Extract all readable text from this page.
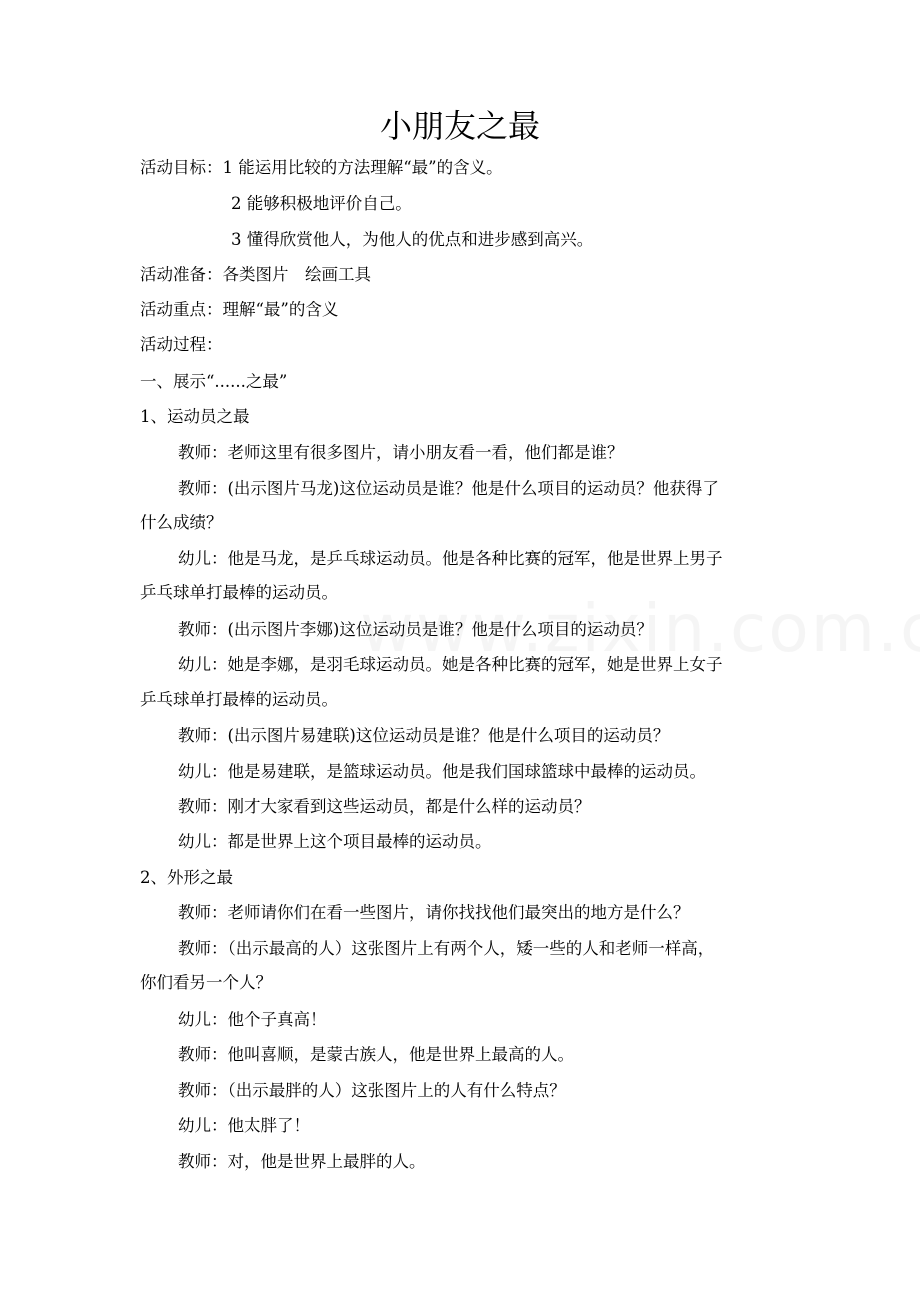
小朋友之最
活动目标：1 能运用比较的方法理解“最”的含义。
2 能够积极地评价自己。
3 懂得欣赏他人，为他人的优点和进步感到高兴。
活动准备：各类图片　绘画工具
活动重点：理解“最”的含义
活动过程：
一、展示“......之最”
1、运动员之最
教师：老师这里有很多图片，请小朋友看一看，他们都是谁？
教师：(出示图片马龙)这位运动员是谁？他是什么项目的运动员？他获得了
什么成绩？
幼儿：他是马龙，是乒乓球运动员。他是各种比赛的冠军，他是世界上男子
乒乓球单打最棒的运动员。
教师：(出示图片李娜)这位运动员是谁？他是什么项目的运动员？
幼儿：她是李娜，是羽毛球运动员。她是各种比赛的冠军，她是世界上女子
乒乓球单打最棒的运动员。
教师：(出示图片易建联)这位运动员是谁？他是什么项目的运动员？
幼儿：他是易建联，是篮球运动员。他是我们国球篮球中最棒的运动员。
教师：刚才大家看到这些运动员，都是什么样的运动员？
幼儿：都是世界上这个项目最棒的运动员。
2、外形之最
教师：老师请你们在看一些图片，请你找找他们最突出的地方是什么？
教师：（出示最高的人）这张图片上有两个人，矮一些的人和老师一样高，
你们看另一个人？
幼儿：他个子真高！
教师：他叫喜顺，是蒙古族人，他是世界上最高的人。
教师：（出示最胖的人）这张图片上的人有什么特点？
幼儿：他太胖了！
教师：对，他是世界上最胖的人。
